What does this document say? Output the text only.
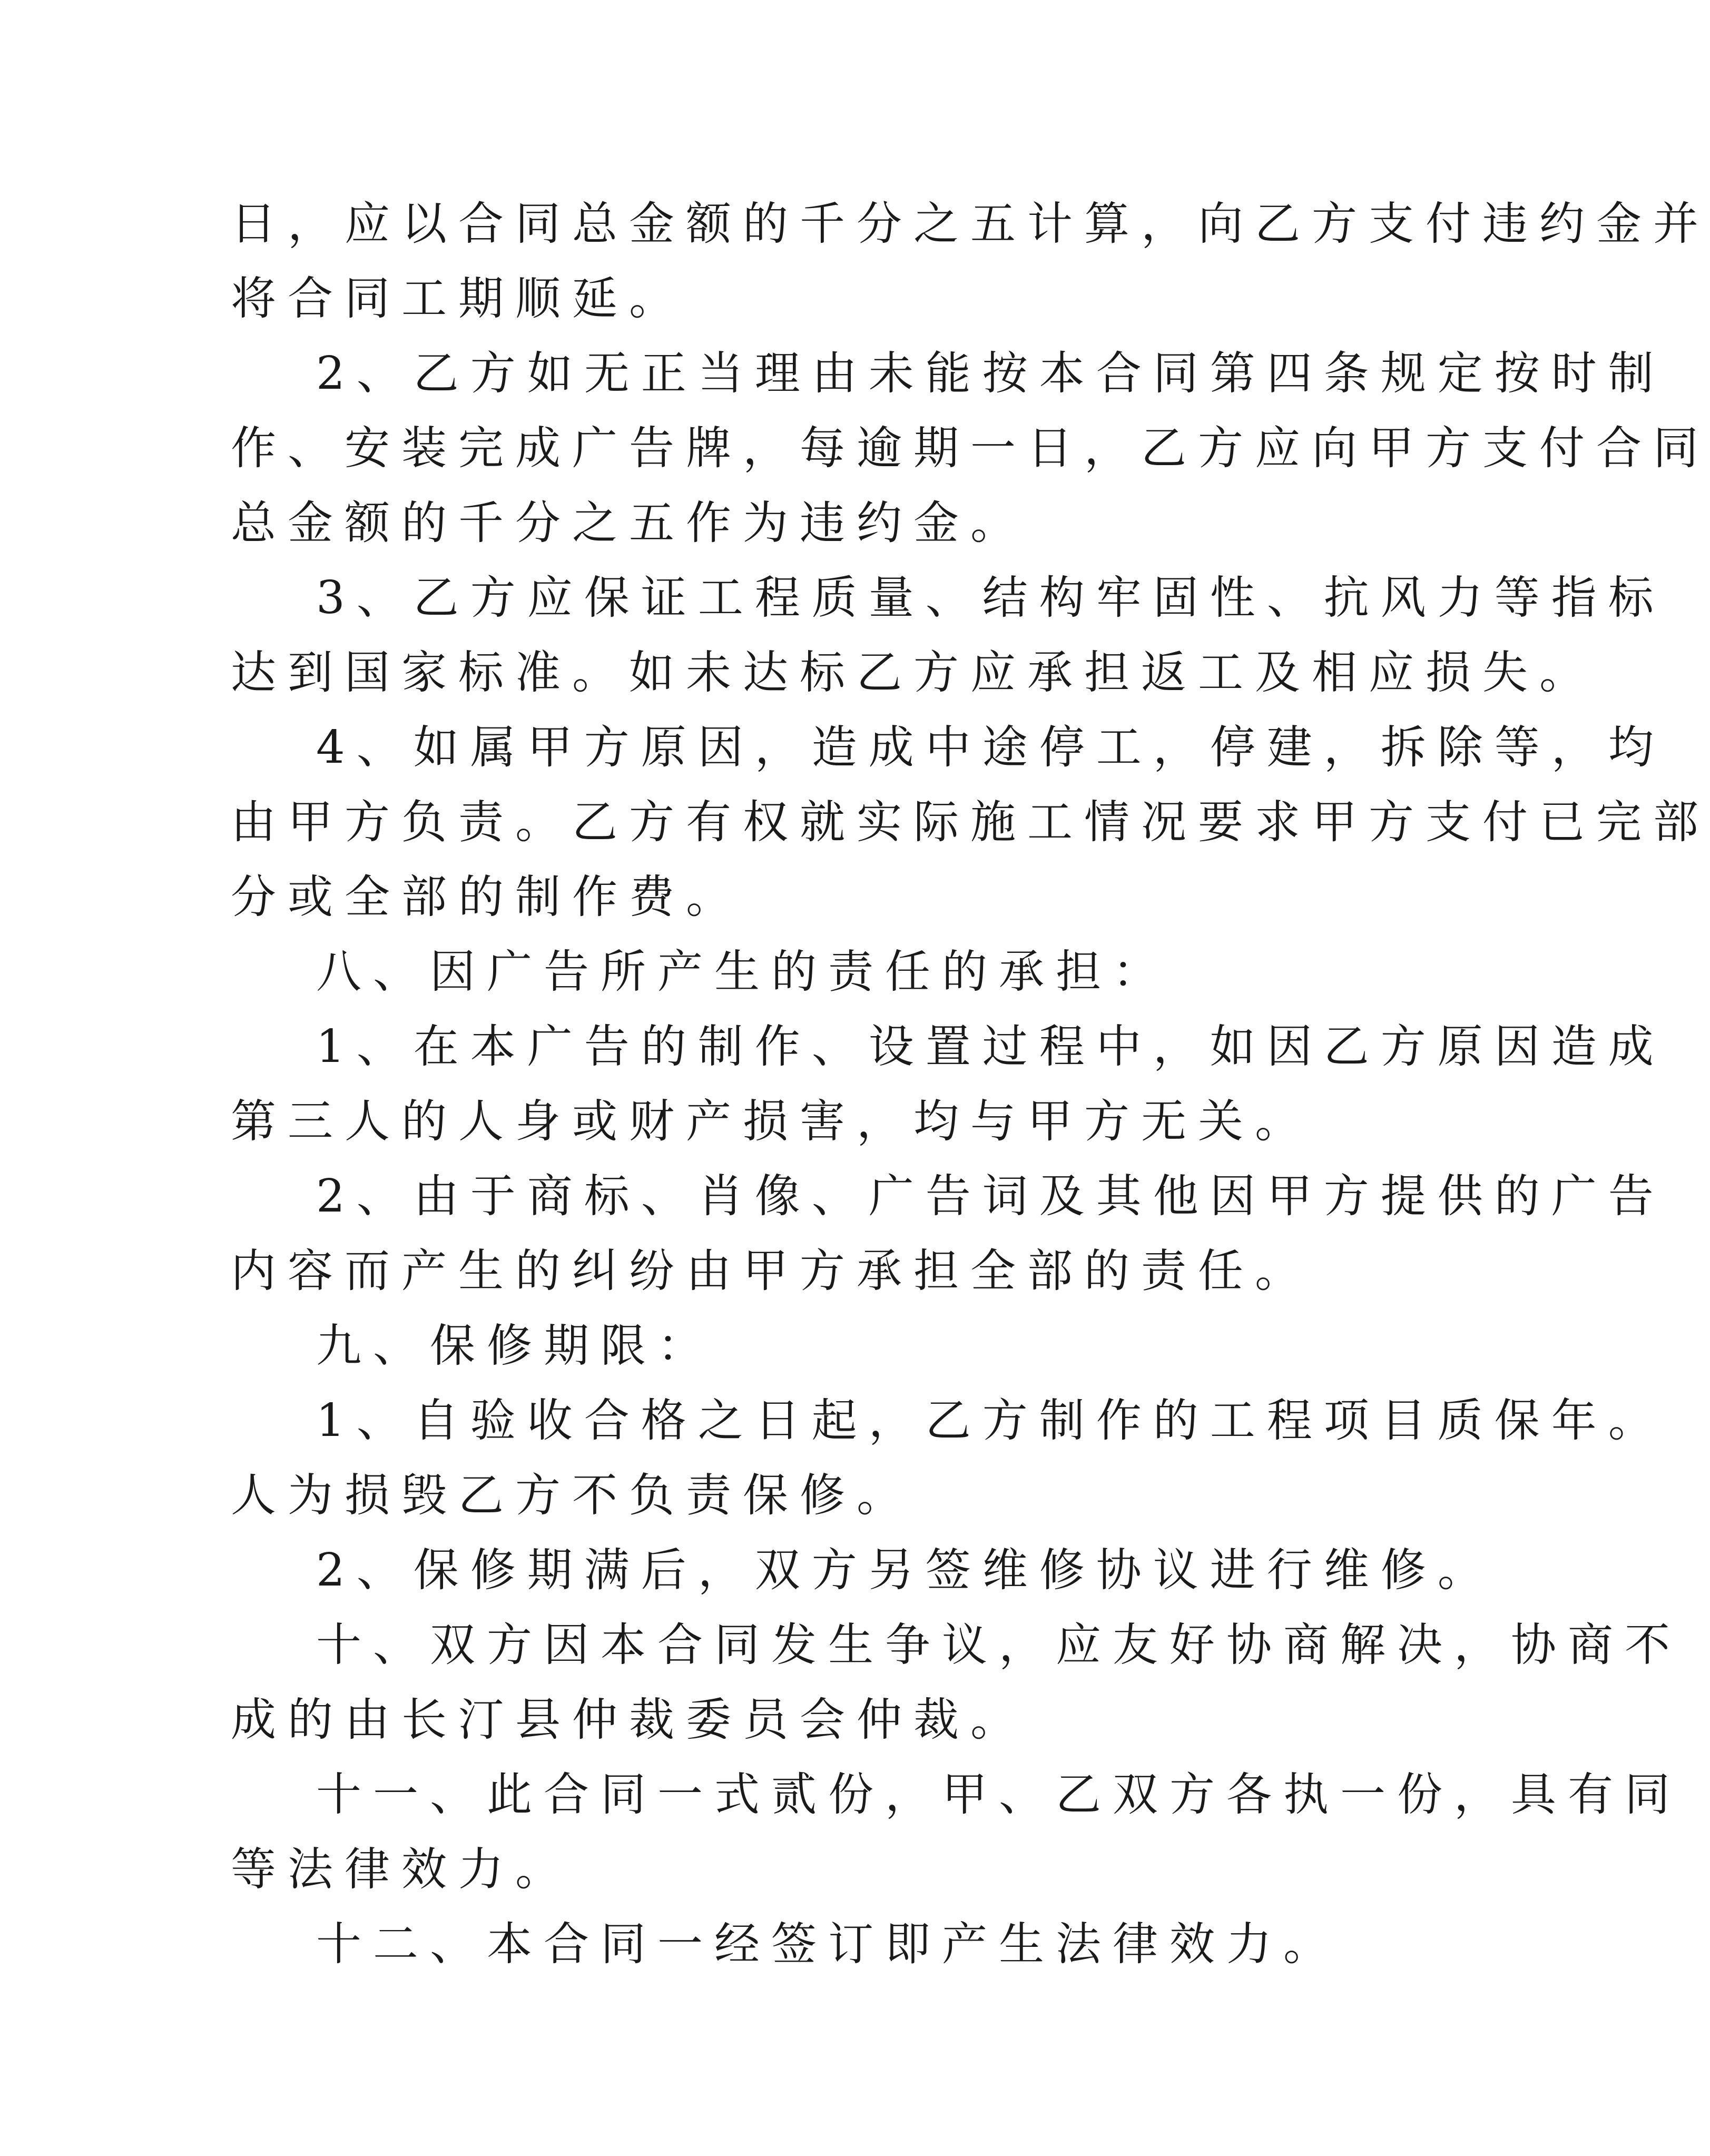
日，应以合同总金额的千分之五计算，向乙方支付违约金并
将合同工期顺延。
2、乙方如无正当理由未能按本合同第四条规定按时制
作、安装完成广告牌，每逾期一日，乙方应向甲方支付合同
总金额的千分之五作为违约金。
3、乙方应保证工程质量、结构牢固性、抗风力等指标
达到国家标准。如未达标乙方应承担返工及相应损失。
4、如属甲方原因，造成中途停工，停建，拆除等，均
由甲方负责。乙方有权就实际施工情况要求甲方支付已完部
分或全部的制作费。
八、因广告所产生的责任的承担：
1、在本广告的制作、设置过程中，如因乙方原因造成
第三人的人身或财产损害，均与甲方无关。
2、由于商标、肖像、广告词及其他因甲方提供的广告
内容而产生的纠纷由甲方承担全部的责任。
九、保修期限：
1、自验收合格之日起，乙方制作的工程项目质保年。
人为损毁乙方不负责保修。
2、保修期满后，双方另签维修协议进行维修。
十、双方因本合同发生争议，应友好协商解决，协商不
成的由长汀县仲裁委员会仲裁。
十一、此合同一式贰份，甲、乙双方各执一份，具有同
等法律效力。
十二、本合同一经签订即产生法律效力。
